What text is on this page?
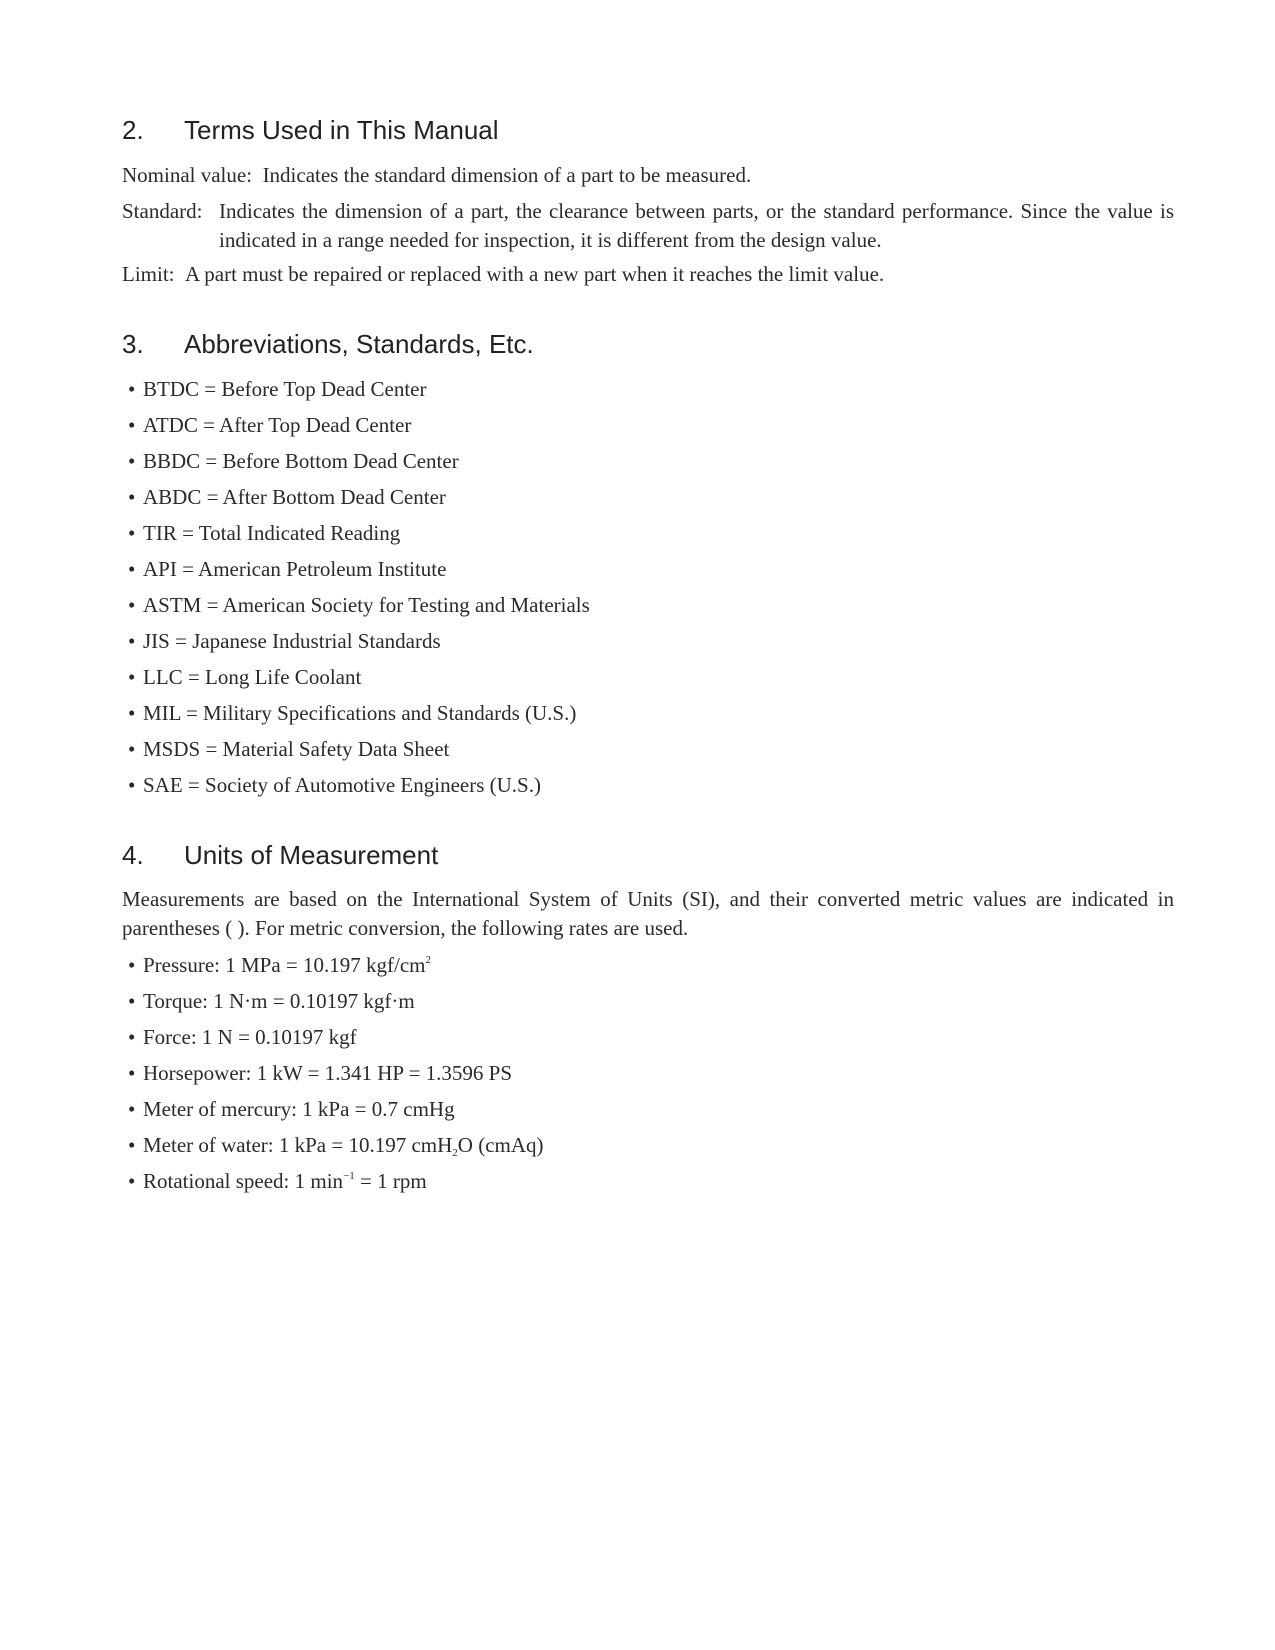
2. Terms Used in This Manual

Nominal value: Indicates the standard dimension of a part to be measured.

Standard: Indicates the dimension of a part, the clearance between parts, or the standard performance. Since the value is indicated in a range needed for inspection, it is different from the design value.

Limit: A part must be repaired or replaced with a new part when it reaches the limit value.

3. Abbreviations, Standards, Etc.
• BTDC = Before Top Dead Center
• ATDC = After Top Dead Center
• BBDC = Before Bottom Dead Center
• ABDC = After Bottom Dead Center
• TIR = Total Indicated Reading
• API = American Petroleum Institute
• ASTM = American Society for Testing and Materials
• JIS = Japanese Industrial Standards
• LLC = Long Life Coolant
• MIL = Military Specifications and Standards (U.S.)
• MSDS = Material Safety Data Sheet
• SAE = Society of Automotive Engineers (U.S.)
4. Units of Measurement

Measurements are based on the International System of Units (SI), and their converted metric values are indicated in parentheses ( ). For metric conversion, the following rates are used.

• Pressure: 1 MPa = 10.197 kgf/$cm^2$
• Torque: 1 N·m = 0.10197 kgf·m
• Force: 1 N = 0.10197 kgf
• Horsepower: 1 kW = 1.341 HP = 1.3596 PS
• Meter of mercury: 1 kPa = 0.7 cmHg
• Meter of water: 1 kPa = 10.197 cmH$_2$O (cmAq)
• Rotational speed: 1 $\min^{-1} = 1$ rpm
